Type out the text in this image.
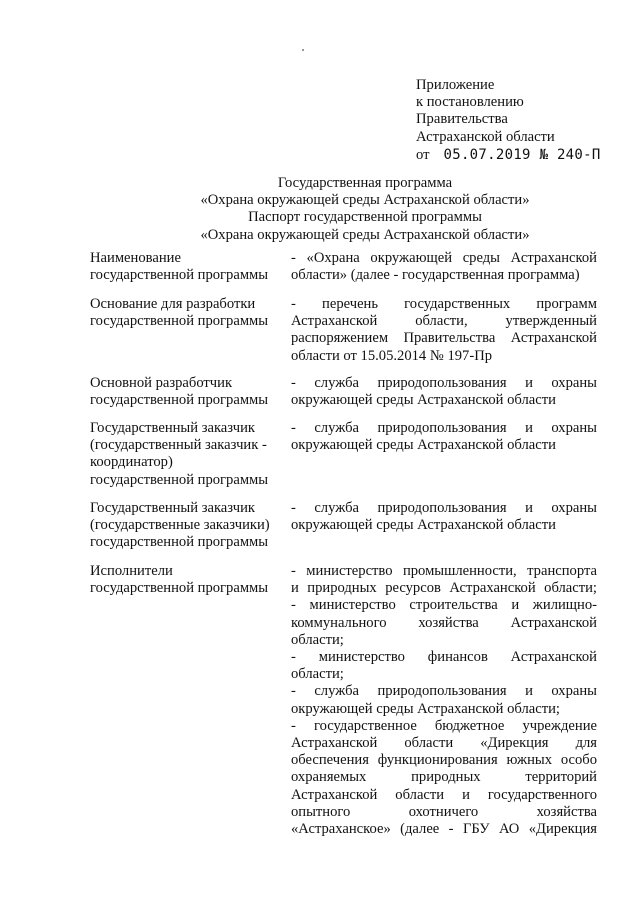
Приложение
к постановлению
Правительства
Астраханской области
от 05.07.2019 № 240-П
Государственная программа
«Охрана окружающей среды Астраханской области»
Паспорт государственной программы
«Охрана окружающей среды Астраханской области»
Наименование
государственной программы

- «Охрана окружающей среды Астраханской

области» (далее - государственная программа)

Основание для разработки
государственной программы

- перечень государственных программ

Астраханской области, утвержденный

распоряжением Правительства Астраханской

области от 15.05.2014 № 197-Пр

Основной разработчик
государственной программы

- служба природопользования и охраны

окружающей среды Астраханской области

Государственный заказчик
(государственный заказчик -
координатор)
государственной программы

- служба природопользования и охраны

окружающей среды Астраханской области

Государственный заказчик
(государственные заказчики)
государственной программы

- служба природопользования и охраны

окружающей среды Астраханской области

Исполнители
государственной программы

- министерство промышленности, транспорта

и природных ресурсов Астраханской области;

- министерство строительства и жилищно-

коммунального хозяйства Астраханской

области;

- министерство финансов Астраханской

области;

- служба природопользования и охраны

окружающей среды Астраханской области;

- государственное бюджетное учреждение

Астраханской области «Дирекция для

обеспечения функционирования южных особо

охраняемых природных территорий

Астраханской области и государственного

опытного охотничего хозяйства

«Астраханское» (далее - ГБУ АО «Дирекция
